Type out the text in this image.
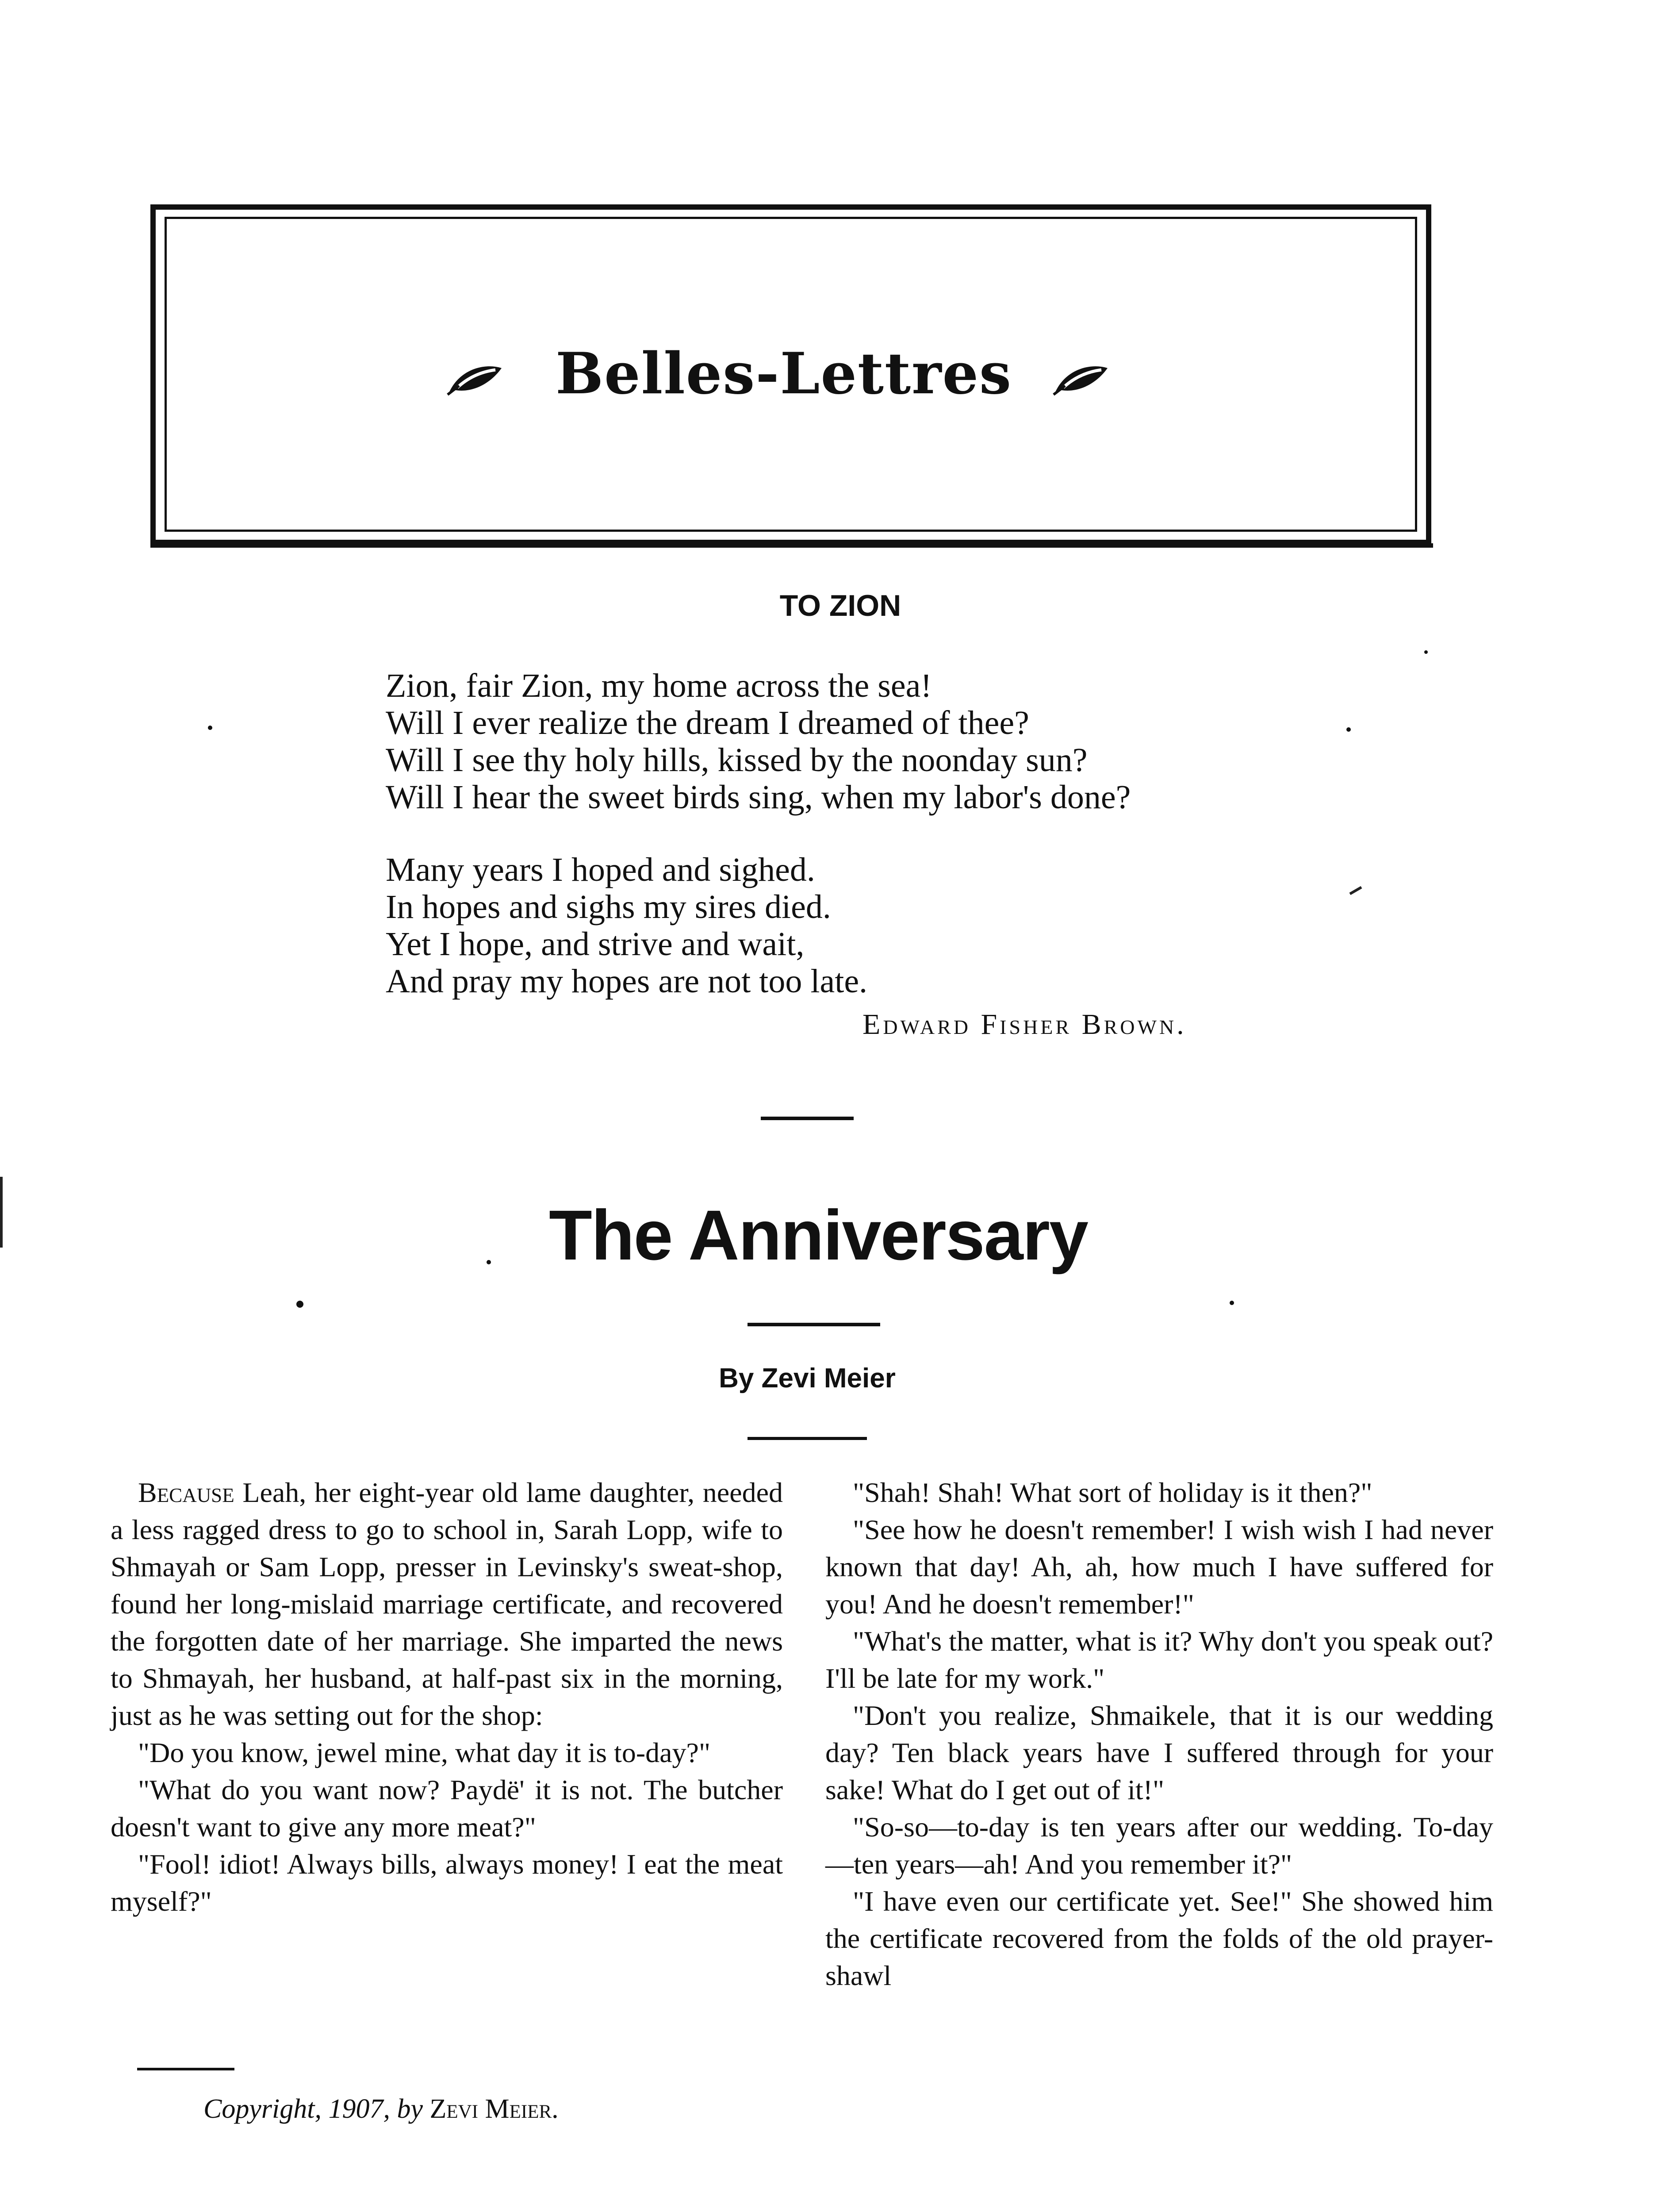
Belles-Lettres
TO ZION
Zion, fair Zion, my home across the sea!
Will I ever realize the dream I dreamed of thee?
Will I see thy holy hills, kissed by the noonday sun?
Will I hear the sweet birds sing, when my labor's done?
Many years I hoped and sighed.
In hopes and sighs my sires died.
Yet I hope, and strive and wait,
And pray my hopes are not too late.
Edward Fisher Brown.
The Anniversary
By Zevi Meier

Because Leah, her eight-year old lame daughter, needed a less ragged dress to go to school in, Sarah Lopp, wife to Shmayah or Sam Lopp, presser in Levinsky's sweat-shop, found her long-mislaid marriage certificate, and recovered the forgotten date of her marriage. She imparted the news to Shmayah, her husband, at half-past six in the morning, just as he was setting out for the shop:

"Do you know, jewel mine, what day it is to-day?"

"What do you want now? Paydë' it is not. The butcher doesn't want to give any more meat?"

"Fool! idiot! Always bills, always money! I eat the meat myself?"

Copyright, 1907, by Zevi Meier.

"Shah! Shah! What sort of holiday is it then?"

"See how he doesn't remember! I wish wish I had never known that day! Ah, ah, how much I have suffered for you! And he doesn't remember!"

"What's the matter, what is it? Why don't you speak out? I'll be late for my work."

"Don't you realize, Shmaikele, that it is our wedding day? Ten black years have I suffered through for your sake! What do I get out of it!"

"So-so—to-day is ten years after our wedding. To-day—ten years—ah! And you remember it?"

"I have even our certificate yet. See!" She showed him the certificate recovered from the folds of the old prayer-shawl
